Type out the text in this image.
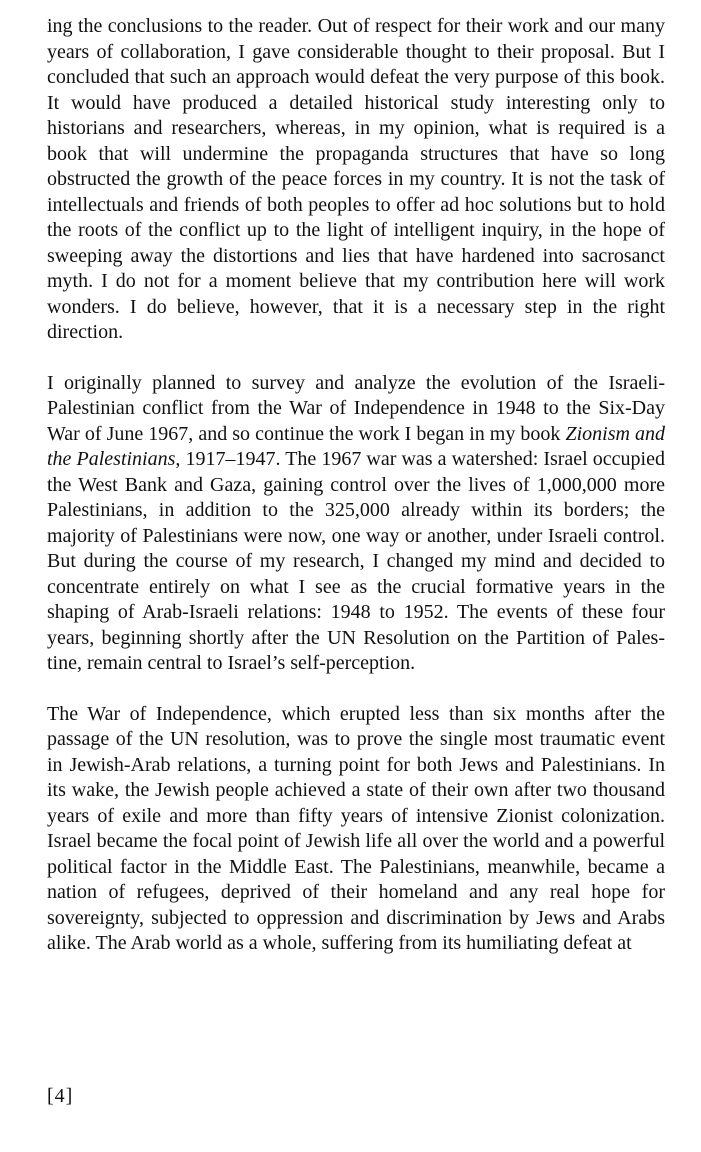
ing the conclusions to the reader. Out of respect for their work and our many years of collaboration, I gave considerable thought to their proposal. But I concluded that such an approach would defeat the very purpose of this book. It would have produced a detailed historical study interesting only to historians and researchers, whereas, in my opinion, what is required is a book that will undermine the propaganda structures that have so long obstructed the growth of the peace forces in my country. It is not the task of intellectuals and friends of both peoples to offer ad hoc solutions but to hold the roots of the conflict up to the light of intelligent inquiry, in the hope of sweeping away the distortions and lies that have hardened into sacrosanct myth. I do not for a moment believe that my contribution here will work wonders. I do believe, however, that it is a necessary step in the right direction.

I originally planned to survey and analyze the evolution of the Israeli-Palestinian conflict from the War of Independence in 1948 to the Six-Day War of June 1967, and so continue the work I began in my book Zionism and the Palestinians, 1917–1947. The 1967 war was a watershed: Israel occupied the West Bank and Gaza, gaining control over the lives of 1,000,000 more Palestinians, in addition to the 325,000 already within its borders; the majority of Palestinians were now, one way or another, under Israeli control. But during the course of my research, I changed my mind and decided to concentrate entirely on what I see as the crucial formative years in the shaping of Arab-Israeli relations: 1948 to 1952. The events of these four years, beginning shortly after the UN Resolution on the Partition of Palestine, remain central to Israel’s self-perception.

The War of Independence, which erupted less than six months after the passage of the UN resolution, was to prove the single most traumatic event in Jewish-Arab relations, a turning point for both Jews and Palestinians. In its wake, the Jewish people achieved a state of their own after two thousand years of exile and more than fifty years of intensive Zionist colonization. Israel became the focal point of Jewish life all over the world and a powerful political factor in the Middle East. The Palestinians, meanwhile, became a nation of refugees, deprived of their homeland and any real hope for sovereignty, subjected to oppression and discrimination by Jews and Arabs alike. The Arab world as a whole, suffering from its humiliating defeat at

[4]
